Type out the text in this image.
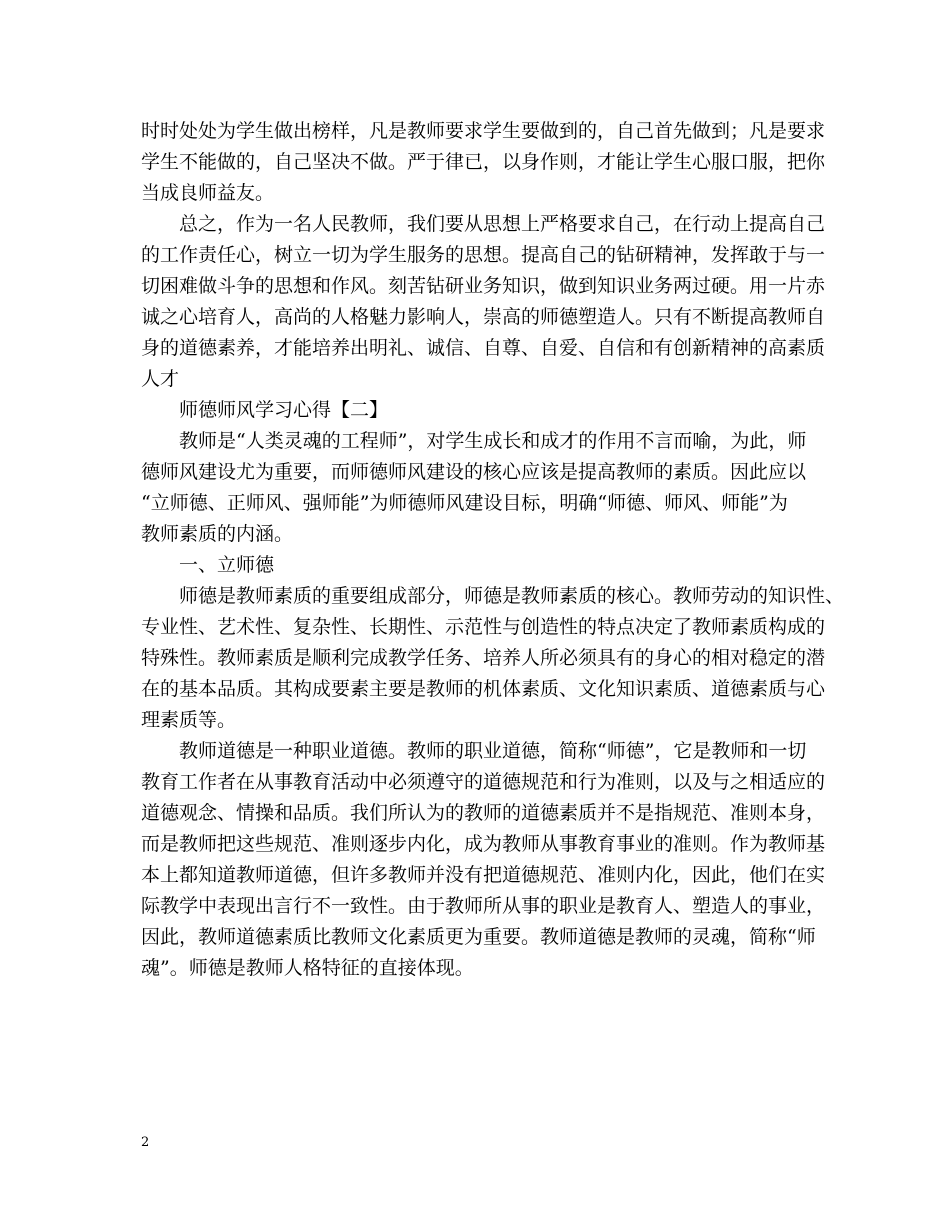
时时处处为学生做出榜样，凡是教师要求学生要做到的，自己首先做到；凡是要求
学生不能做的，自己坚决不做。严于律已，以身作则，才能让学生心服口服，把你
当成良师益友。
总之，作为一名人民教师，我们要从思想上严格要求自己，在行动上提高自己
的工作责任心，树立一切为学生服务的思想。提高自己的钻研精神，发挥敢于与一
切困难做斗争的思想和作风。刻苦钻研业务知识，做到知识业务两过硬。用一片赤
诚之心培育人，高尚的人格魅力影响人，崇高的师德塑造人。只有不断提高教师自
身的道德素养，才能培养出明礼、诚信、自尊、自爱、自信和有创新精神的高素质
人才
师德师风学习心得【二】
教师是“人类灵魂的工程师”，对学生成长和成才的作用不言而喻，为此，师
德师风建设尤为重要，而师德师风建设的核心应该是提高教师的素质。因此应以
“立师德、正师风、强师能”为师德师风建设目标，明确“师德、师风、师能”为
教师素质的内涵。
一、立师德
师德是教师素质的重要组成部分，师德是教师素质的核心。教师劳动的知识性、
专业性、艺术性、复杂性、长期性、示范性与创造性的特点决定了教师素质构成的
特殊性。教师素质是顺利完成教学任务、培养人所必须具有的身心的相对稳定的潜
在的基本品质。其构成要素主要是教师的机体素质、文化知识素质、道德素质与心
理素质等。
教师道德是一种职业道德。教师的职业道德，简称“师德”，它是教师和一切
教育工作者在从事教育活动中必须遵守的道德规范和行为准则，以及与之相适应的
道德观念、情操和品质。我们所认为的教师的道德素质并不是指规范、准则本身，
而是教师把这些规范、准则逐步内化，成为教师从事教育事业的准则。作为教师基
本上都知道教师道德，但许多教师并没有把道德规范、准则内化，因此，他们在实
际教学中表现出言行不一致性。由于教师所从事的职业是教育人、塑造人的事业，
因此，教师道德素质比教师文化素质更为重要。教师道德是教师的灵魂，简称“师
魂”。师德是教师人格特征的直接体现。
2
